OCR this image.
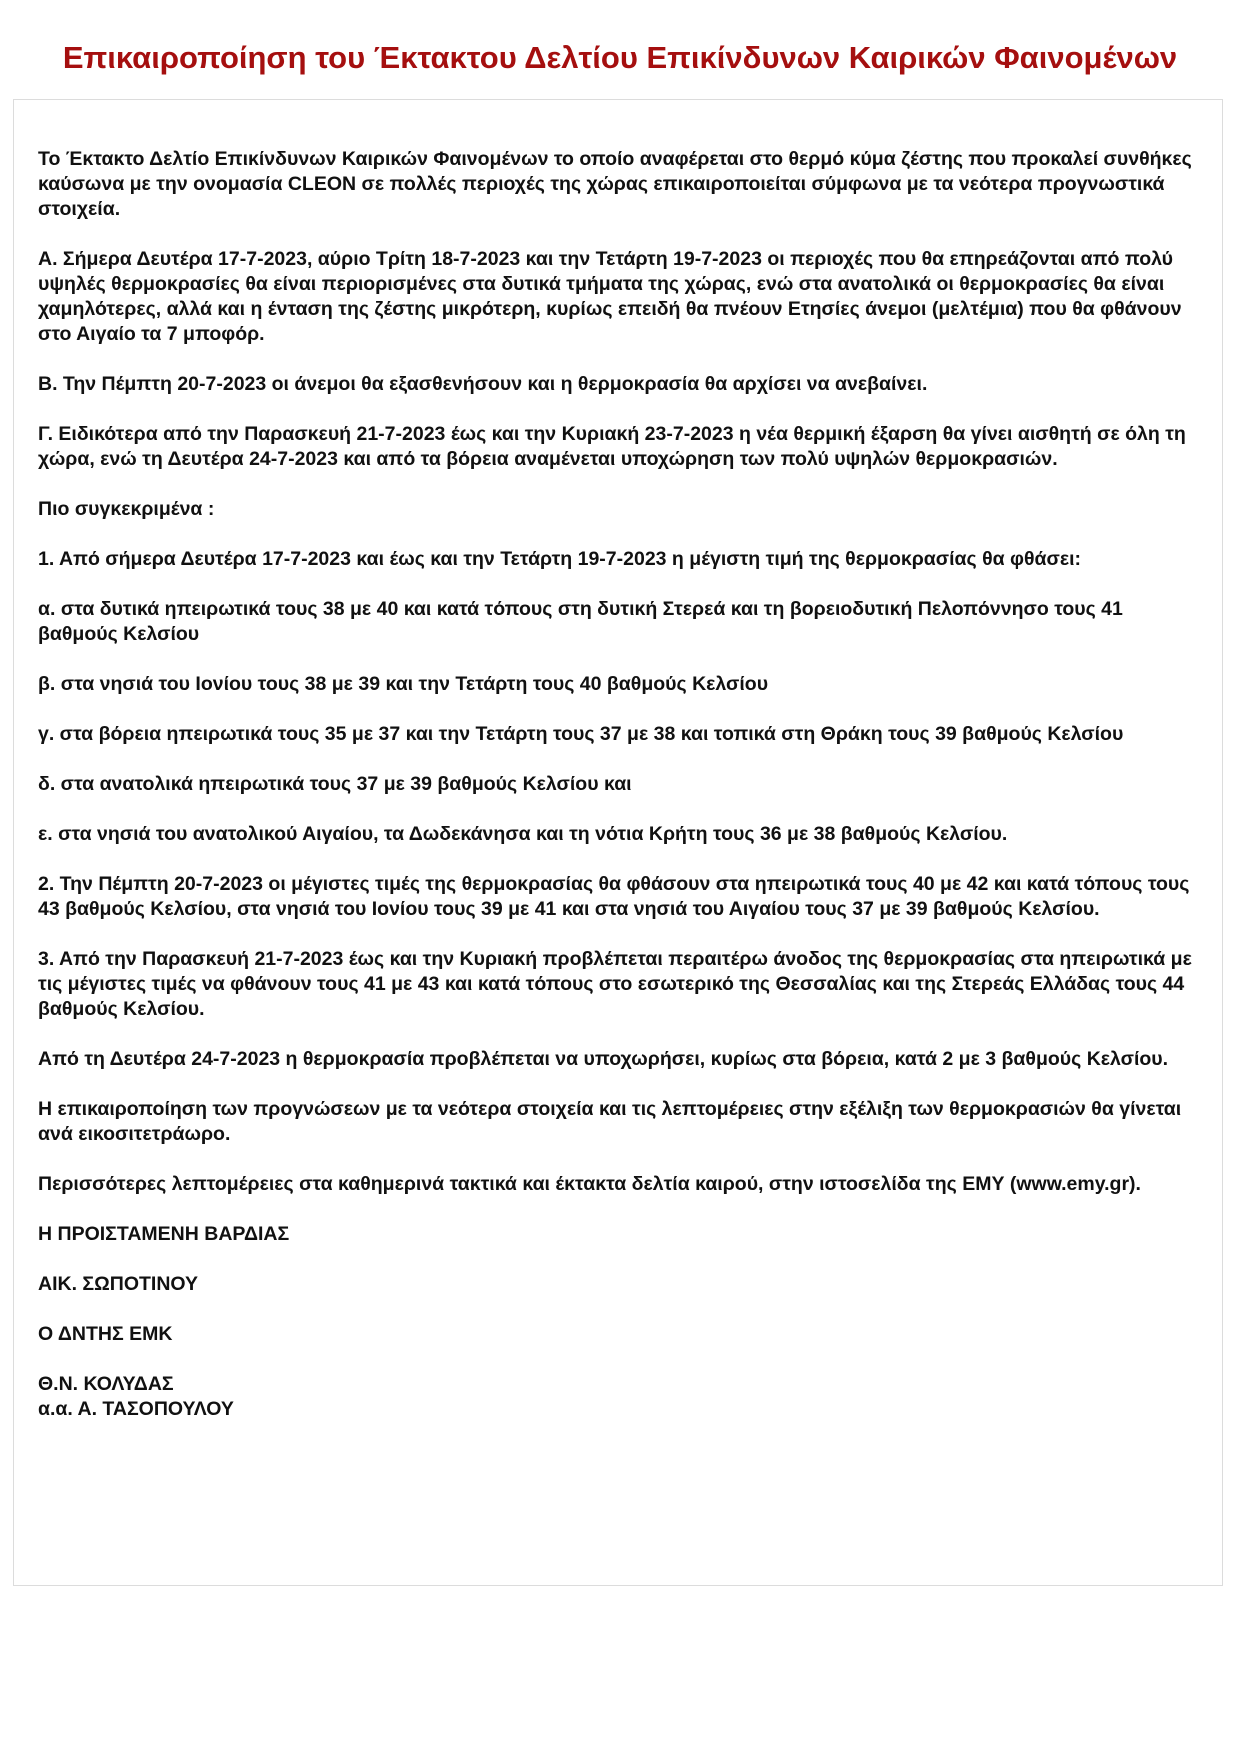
Επικαιροποίηση του Έκτακτου Δελτίου Επικίνδυνων Καιρικών Φαινομένων

Το Έκτακτο Δελτίο Επικίνδυνων Καιρικών Φαινομένων το οποίο αναφέρεται στο θερμό κύμα ζέστης που προκαλεί συνθήκες καύσωνα με την ονομασία CLEON σε πολλές περιοχές της χώρας επικαιροποιείται σύμφωνα με τα νεότερα προγνωστικά στοιχεία.

Α. Σήμερα Δευτέρα 17-7-2023, αύριο Τρίτη 18-7-2023 και την Τετάρτη 19-7-2023 οι περιοχές που θα επηρεάζονται από πολύ υψηλές θερμοκρασίες θα είναι περιορισμένες στα δυτικά τμήματα της χώρας, ενώ στα ανατολικά οι θερμοκρασίες θα είναι χαμηλότερες, αλλά και η ένταση της ζέστης μικρότερη, κυρίως επειδή θα πνέουν Ετησίες άνεμοι (μελτέμια) που θα φθάνουν στο Αιγαίο τα 7 μποφόρ.

Β. Την Πέμπτη 20-7-2023 οι άνεμοι θα εξασθενήσουν και η θερμοκρασία θα αρχίσει να ανεβαίνει.

Γ. Ειδικότερα από την Παρασκευή 21-7-2023 έως και την Κυριακή 23-7-2023 η νέα θερμική έξαρση θα γίνει αισθητή σε όλη τη χώρα, ενώ τη Δευτέρα 24-7-2023 και από τα βόρεια αναμένεται υποχώρηση των πολύ υψηλών θερμοκρασιών.

Πιο συγκεκριμένα :

1. Από σήμερα Δευτέρα 17-7-2023 και έως και την Τετάρτη 19-7-2023 η μέγιστη τιμή της θερμοκρασίας θα φθάσει:

α. στα δυτικά ηπειρωτικά τους 38 με 40 και κατά τόπους στη δυτική Στερεά και τη βορειοδυτική Πελοπόννησο τους 41 βαθμούς Κελσίου

β. στα νησιά του Ιονίου τους 38 με 39 και την Τετάρτη τους 40 βαθμούς Κελσίου

γ. στα βόρεια ηπειρωτικά τους 35 με 37 και την Τετάρτη τους 37 με 38 και τοπικά στη Θράκη τους 39 βαθμούς Κελσίου

δ. στα ανατολικά ηπειρωτικά τους 37 με 39 βαθμούς Κελσίου και

ε. στα νησιά του ανατολικού Αιγαίου, τα Δωδεκάνησα και τη νότια Κρήτη τους 36 με 38 βαθμούς Κελσίου.

2. Την Πέμπτη 20-7-2023 οι μέγιστες τιμές της θερμοκρασίας θα φθάσουν στα ηπειρωτικά τους 40 με 42 και κατά τόπους τους 43 βαθμούς Κελσίου, στα νησιά του Ιονίου τους 39 με 41 και στα νησιά του Αιγαίου τους 37 με 39 βαθμούς Κελσίου.

3. Από την Παρασκευή 21-7-2023 έως και την Κυριακή προβλέπεται περαιτέρω άνοδος της θερμοκρασίας στα ηπειρωτικά με τις μέγιστες τιμές να φθάνουν τους 41 με 43 και κατά τόπους στο εσωτερικό της Θεσσαλίας και της Στερεάς Ελλάδας τους 44 βαθμούς Κελσίου.

Από τη Δευτέρα 24-7-2023 η θερμοκρασία προβλέπεται να υποχωρήσει, κυρίως στα βόρεια, κατά 2 με 3 βαθμούς Κελσίου.

Η επικαιροποίηση των προγνώσεων με τα νεότερα στοιχεία και τις λεπτομέρειες στην εξέλιξη των θερμοκρασιών θα γίνεται ανά εικοσιτετράωρο.

Περισσότερες λεπτομέρειες στα καθημερινά τακτικά και έκτακτα δελτία καιρού, στην ιστοσελίδα της ΕΜΥ (www.emy.gr).

Η ΠΡΟΙΣΤΑΜΕΝΗ ΒΑΡΔΙΑΣ

ΑΙΚ. ΣΩΠΟΤΙΝΟΥ

Ο ΔΝΤΗΣ ΕΜΚ

Θ.Ν. ΚΟΛΥΔΑΣ
α.α. Α. ΤΑΣΟΠΟΥΛΟΥ
